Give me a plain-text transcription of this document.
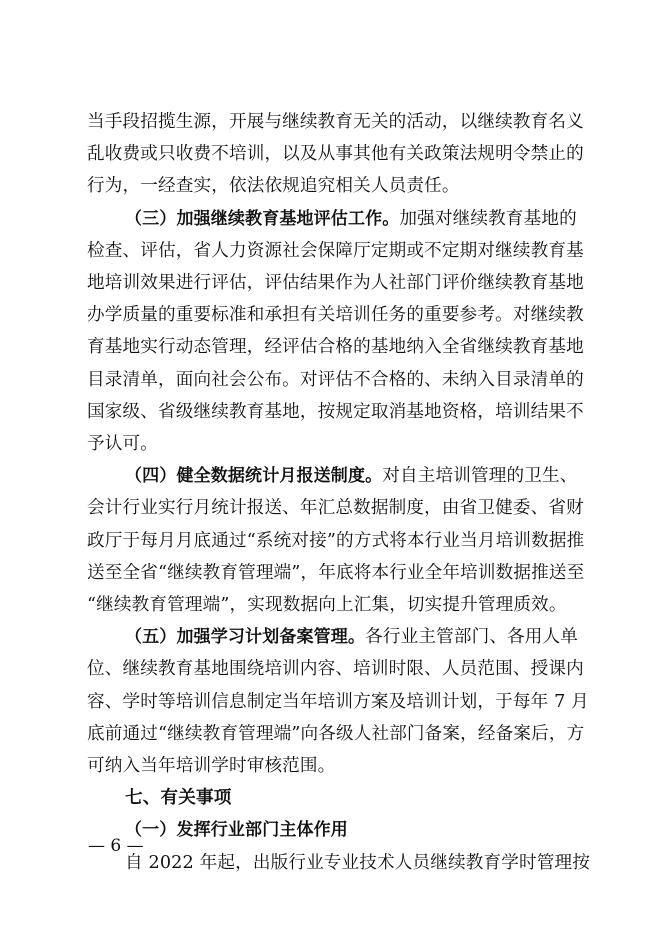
当手段招揽生源，开展与继续教育无关的活动，以继续教育名义
乱收费或只收费不培训，以及从事其他有关政策法规明令禁止的
行为，一经查实，依法依规追究相关人员责任。
（三）加强继续教育基地评估工作。加强对继续教育基地的
检查、评估，省人力资源社会保障厅定期或不定期对继续教育基
地培训效果进行评估，评估结果作为人社部门评价继续教育基地
办学质量的重要标准和承担有关培训任务的重要参考。对继续教
育基地实行动态管理，经评估合格的基地纳入全省继续教育基地
目录清单，面向社会公布。对评估不合格的、未纳入目录清单的
国家级、省级继续教育基地，按规定取消基地资格，培训结果不
予认可。
（四）健全数据统计月报送制度。对自主培训管理的卫生、
会计行业实行月统计报送、年汇总数据制度，由省卫健委、省财
政厅于每月月底通过“系统对接”的方式将本行业当月培训数据推
送至全省“继续教育管理端”，年底将本行业全年培训数据推送至
“继续教育管理端”，实现数据向上汇集，切实提升管理质效。
（五）加强学习计划备案管理。各行业主管部门、各用人单
位、继续教育基地围绕培训内容、培训时限、人员范围、授课内
容、学时等培训信息制定当年培训方案及培训计划，于每年 7 月
底前通过“继续教育管理端”向各级人社部门备案，经备案后，方
可纳入当年培训学时审核范围。
— 6 —
七、有关事项
（一）发挥行业部门主体作用
自 2022 年起，出版行业专业技术人员继续教育学时管理按
